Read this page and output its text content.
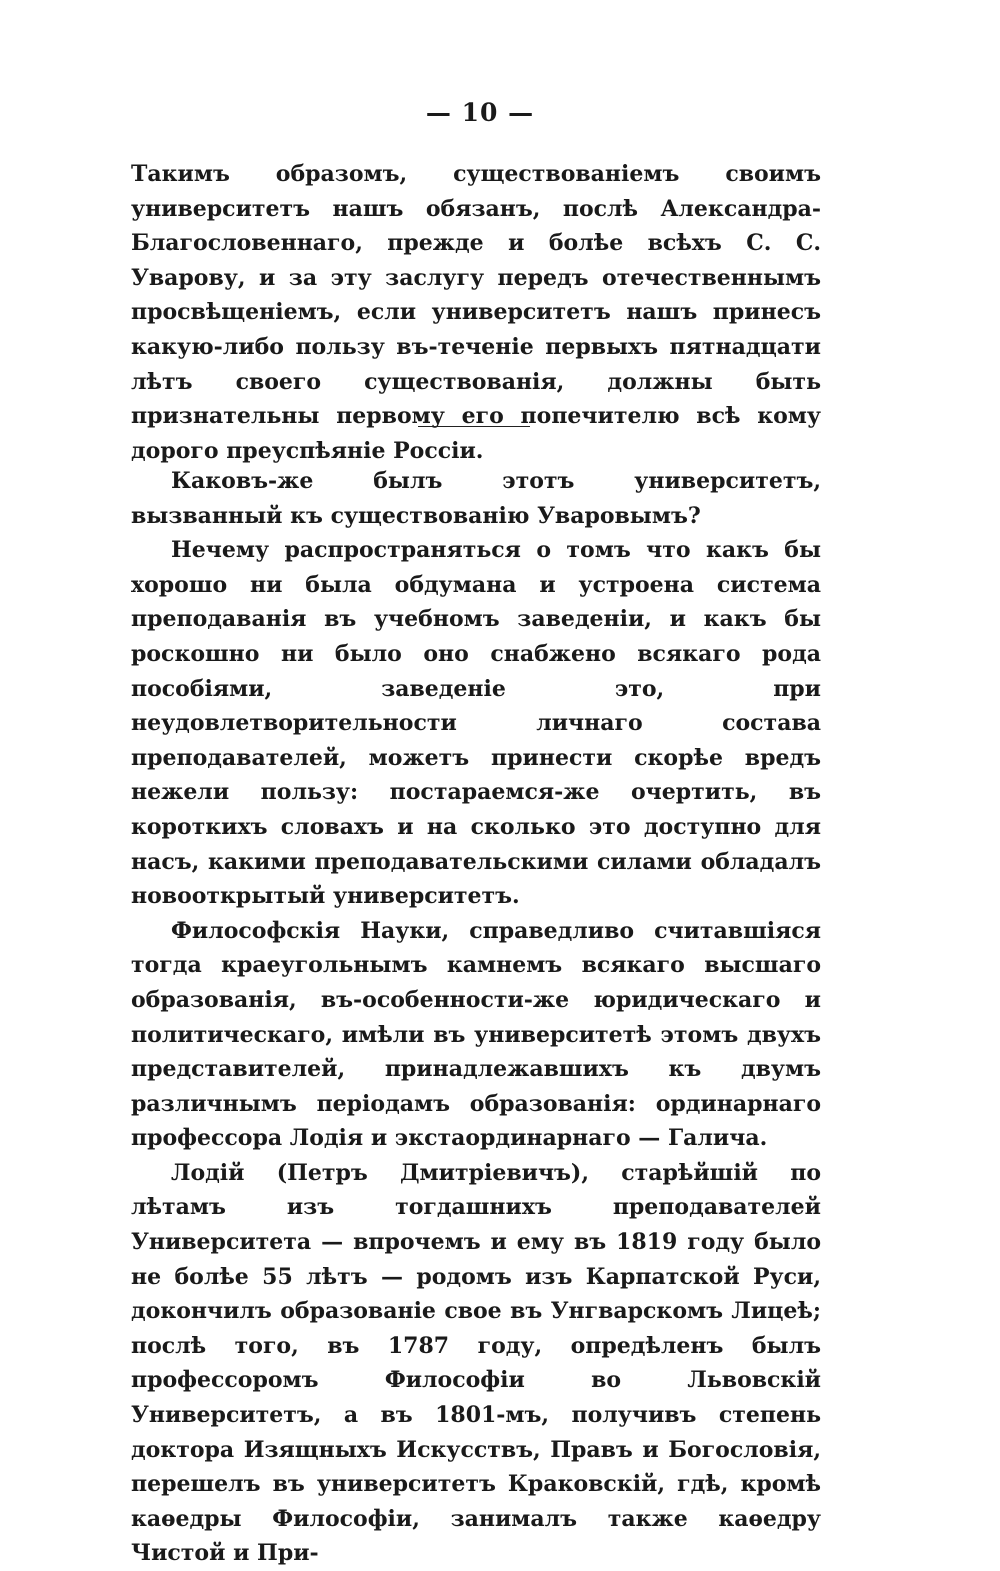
— 10 —

Такимъ образомъ, существованіемъ своимъ университетъ нашъ обязанъ, послѣ Александра-Благословеннаго, прежде и болѣе всѣхъ С. С. Уварову, и за эту заслугу передъ отечественнымъ просвѣщеніемъ, если университетъ нашъ принесъ какую-либо пользу въ-теченіе первыхъ пятнадцати лѣтъ своего существованія, должны быть признательны первому его попечителю всѣ кому дорого преуспѣяніе Россіи.

Каковъ-же былъ этотъ университетъ, вызванный къ существованію Уваровымъ?

Нечему распространяться о томъ что какъ бы хорошо ни была обдумана и устроена система преподаванія въ учебномъ заведеніи, и какъ бы роскошно ни было оно снабжено всякаго рода пособіями, заведеніе это, при неудовлетворительности личнаго состава преподавателей, можетъ принести скорѣе вредъ нежели пользу: постараемся-же очертить, въ короткихъ словахъ и на сколько это доступно для насъ, какими преподавательскими силами обладалъ новооткрытый университетъ.

Философскія Науки, справедливо считавшіяся тогда краеугольнымъ камнемъ всякаго высшаго образованія, въ-особенности-же юридическаго и политическаго, имѣли въ университетѣ этомъ двухъ представителей, принадлежавшихъ къ двумъ различнымъ періодамъ образованія: ординарнаго профессора Лодія и экстаординарнаго — Галича.

Лодій (Петръ Дмитріевичъ), старѣйшій по лѣтамъ изъ тогдашнихъ преподавателей Университета — впрочемъ и ему въ 1819 году было не болѣе 55 лѣтъ — родомъ изъ Карпатской Руси, докончилъ образованіе свое въ Унгварскомъ Лицеѣ; послѣ того, въ 1787 году, опредѣленъ былъ профессоромъ Философіи во Львовскій Университетъ, а въ 1801-мъ, получивъ степень доктора Изящныхъ Искусствъ, Правъ и Богословія, перешелъ въ университетъ Краковскій, гдѣ, кромѣ каѳедры Философіи, занималъ также каѳедру Чистой и При-
